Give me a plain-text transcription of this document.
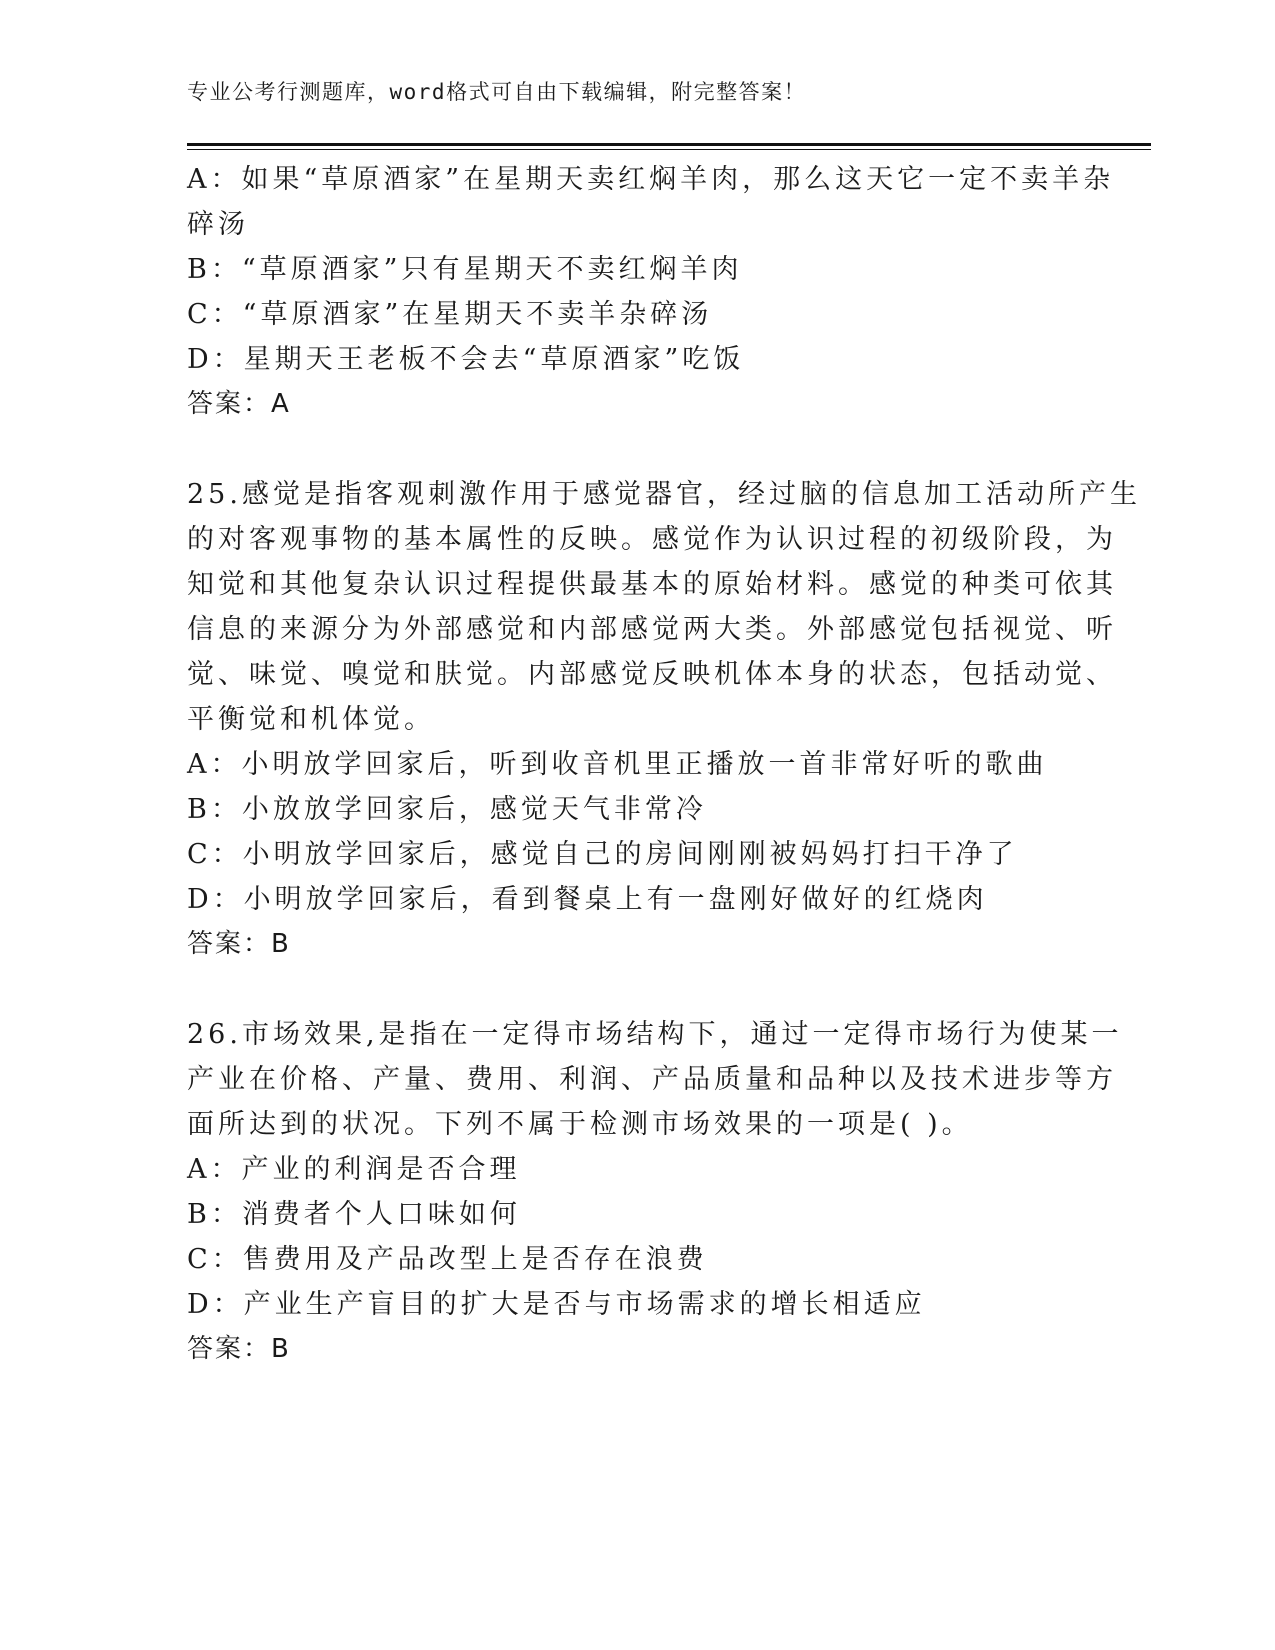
专业公考行测题库，word格式可自由下载编辑，附完整答案！
A：如果“草原酒家”在星期天卖红焖羊肉，那么这天它一定不卖羊杂
碎汤
B：“草原酒家”只有星期天不卖红焖羊肉
C：“草原酒家”在星期天不卖羊杂碎汤
D：星期天王老板不会去“草原酒家”吃饭
答案：A
25.感觉是指客观刺激作用于感觉器官，经过脑的信息加工活动所产生
的对客观事物的基本属性的反映。感觉作为认识过程的初级阶段，为
知觉和其他复杂认识过程提供最基本的原始材料。感觉的种类可依其
信息的来源分为外部感觉和内部感觉两大类。外部感觉包括视觉、听
觉、味觉、嗅觉和肤觉。内部感觉反映机体本身的状态，包括动觉、
平衡觉和机体觉。
A：小明放学回家后，听到收音机里正播放一首非常好听的歌曲
B：小放放学回家后，感觉天气非常冷
C：小明放学回家后，感觉自己的房间刚刚被妈妈打扫干净了
D：小明放学回家后，看到餐桌上有一盘刚好做好的红烧肉
答案：B
26.市场效果,是指在一定得市场结构下，通过一定得市场行为使某一
产业在价格、产量、费用、利润、产品质量和品种以及技术进步等方
面所达到的状况。下列不属于检测市场效果的一项是( )。
A：产业的利润是否合理
B：消费者个人口味如何
C：售费用及产品改型上是否存在浪费
D：产业生产盲目的扩大是否与市场需求的增长相适应
答案：B
